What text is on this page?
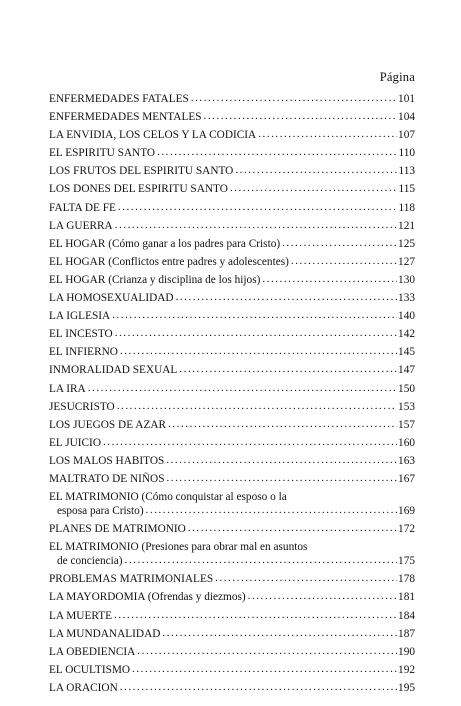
Página
ENFERMEDADES FATALES . . .	101
ENFERMEDADES MENTALES . . .	104
LA ENVIDIA, LOS CELOS Y LA CODICIA . . .	107
EL ESPIRITU SANTO . . .	110
LOS FRUTOS DEL ESPIRITU SANTO . . .	113
LOS DONES DEL ESPIRITU SANTO . . .	115
FALTA DE FE . . .	118
LA GUERRA . . .	121
EL HOGAR (Cómo ganar a los padres para Cristo) . . .	125
EL HOGAR (Conflictos entre padres y adolescentes) . . .	127
EL HOGAR (Crianza y disciplina de los hijos) . . .	130
LA HOMOSEXUALIDAD . . .	133
LA IGLESIA . . .	140
EL INCESTO . . .	142
EL INFIERNO . . .	145
INMORALIDAD SEXUAL . . .	147
LA IRA . . .	150
JESUCRISTO . . .	153
LOS JUEGOS DE AZAR . . .	157
EL JUICIO . . .	160
LOS MALOS HABITOS . . .	163
MALTRATO DE NIÑOS . . .	167
EL MATRIMONIO (Cómo conquistar al esposo o la
esposa para Cristo) . . .	169
PLANES DE MATRIMONIO . . .	172
EL MATRIMONIO (Presiones para obrar mal en asuntos
de conciencia) . . .	175
PROBLEMAS MATRIMONIALES . . .	178
LA MAYORDOMIA (Ofrendas y diezmos) . . .	181
LA MUERTE . . .	184
LA MUNDANALIDAD . . .	187
LA OBEDIENCIA . . .	190
EL OCULTISMO . . .	192
LA ORACION . . .	195
